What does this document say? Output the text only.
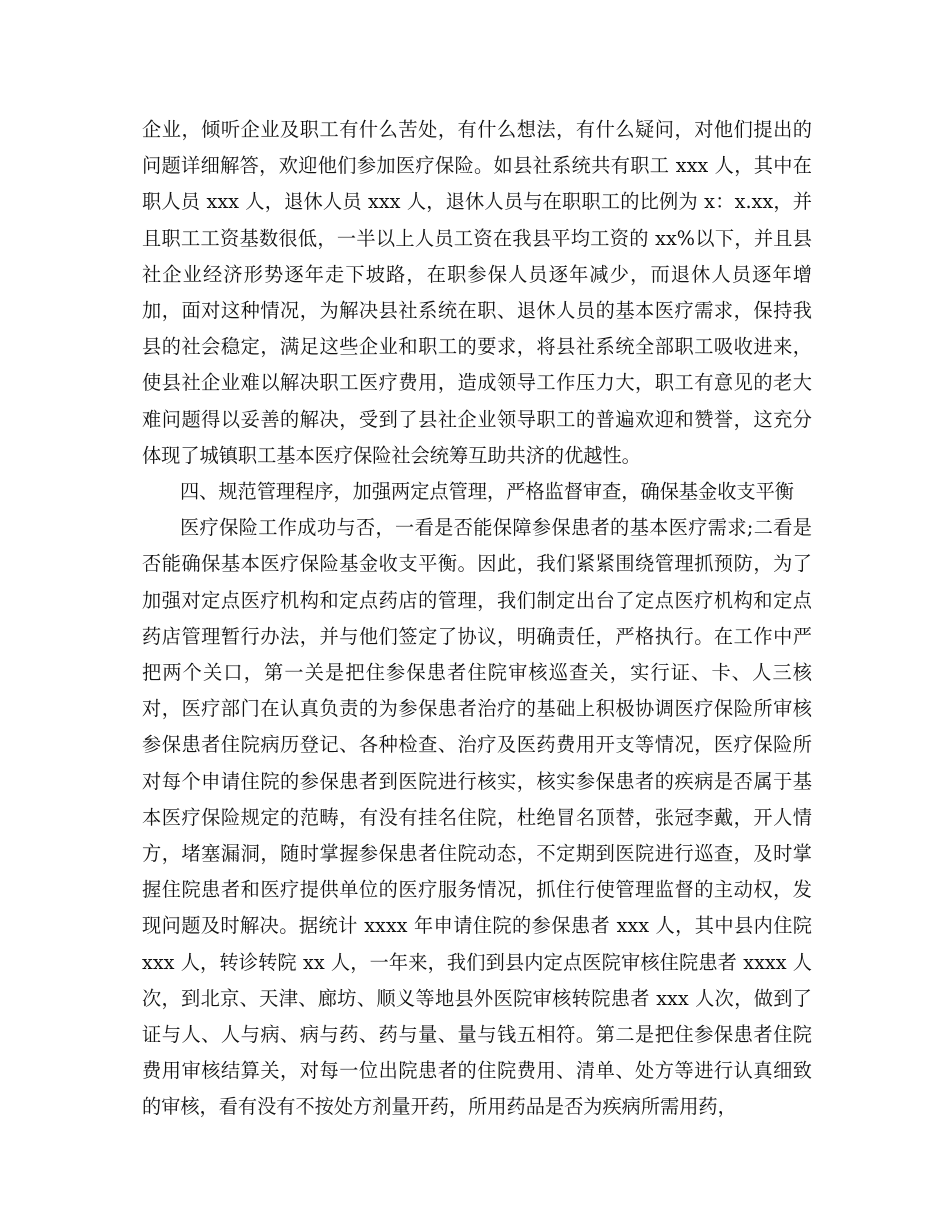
企业，倾听企业及职工有什么苦处，有什么想法，有什么疑问，对他们提出的问题详细解答，欢迎他们参加医疗保险。如县社系统共有职工 xxx 人，其中在职人员 xxx 人，退休人员 xxx 人，退休人员与在职职工的比例为 x：x.xx，并且职工工资基数很低，一半以上人员工资在我县平均工资的 xx%以下，并且县社企业经济形势逐年走下坡路，在职参保人员逐年减少，而退休人员逐年增加，面对这种情况，为解决县社系统在职、退休人员的基本医疗需求，保持我县的社会稳定，满足这些企业和职工的要求，将县社系统全部职工吸收进来，使县社企业难以解决职工医疗费用，造成领导工作压力大，职工有意见的老大难问题得以妥善的解决，受到了县社企业领导职工的普遍欢迎和赞誉，这充分体现了城镇职工基本医疗保险社会统筹互助共济的优越性。

四、规范管理程序，加强两定点管理，严格监督审查，确保基金收支平衡

医疗保险工作成功与否，一看是否能保障参保患者的基本医疗需求;二看是否能确保基本医疗保险基金收支平衡。因此，我们紧紧围绕管理抓预防，为了加强对定点医疗机构和定点药店的管理，我们制定出台了定点医疗机构和定点药店管理暂行办法，并与他们签定了协议，明确责任，严格执行。在工作中严把两个关口，第一关是把住参保患者住院审核巡查关，实行证、卡、人三核对，医疗部门在认真负责的为参保患者治疗的基础上积极协调医疗保险所审核参保患者住院病历登记、各种检查、治疗及医药费用开支等情况，医疗保险所对每个申请住院的参保患者到医院进行核实，核实参保患者的疾病是否属于基本医疗保险规定的范畴，有没有挂名住院，杜绝冒名顶替，张冠李戴，开人情方，堵塞漏洞，随时掌握参保患者住院动态，不定期到医院进行巡查，及时掌握住院患者和医疗提供单位的医疗服务情况，抓住行使管理监督的主动权，发现问题及时解决。据统计 xxxx 年申请住院的参保患者 xxx 人，其中县内住院 xxx 人，转诊转院 xx 人，一年来，我们到县内定点医院审核住院患者 xxxx 人次，到北京、天津、廊坊、顺义等地县外医院审核转院患者 xxx 人次，做到了证与人、人与病、病与药、药与量、量与钱五相符。第二是把住参保患者住院费用审核结算关，对每一位出院患者的住院费用、清单、处方等进行认真细致的审核，看有没有不按处方剂量开药，所用药品是否为疾病所需用药，
